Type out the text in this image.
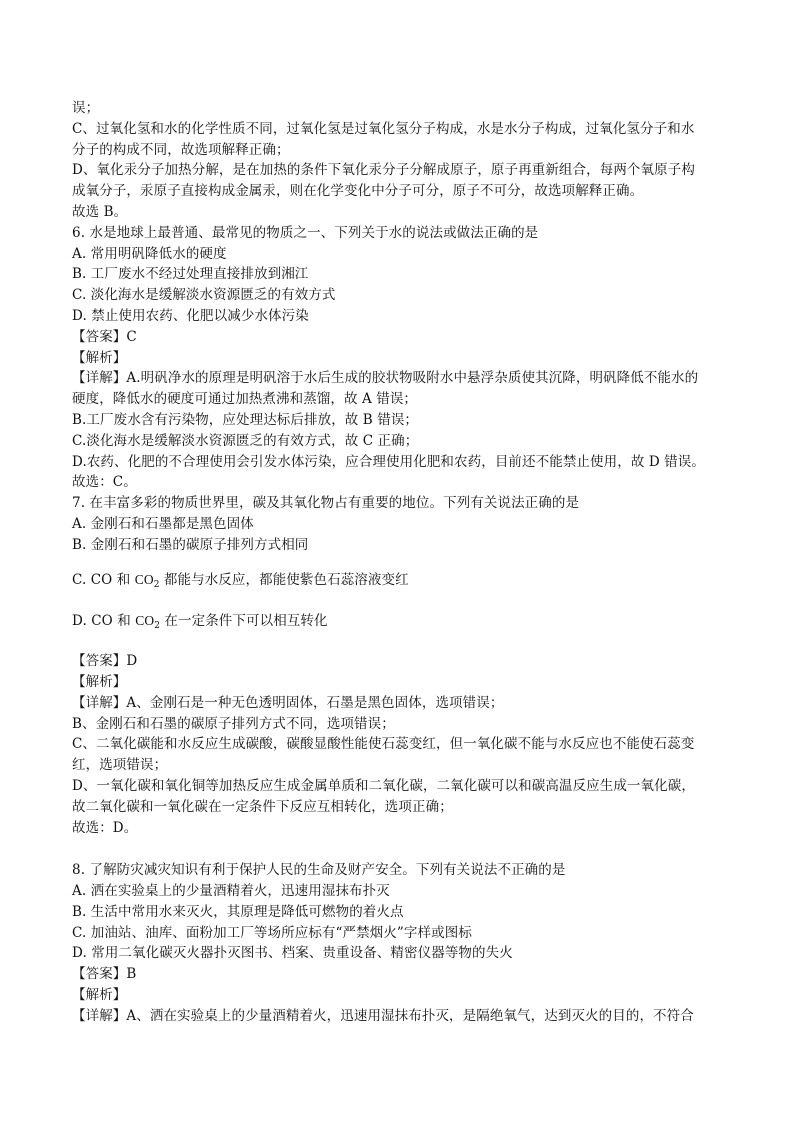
误；
C、过氧化氢和水的化学性质不同，过氧化氢是过氧化氢分子构成，水是水分子构成，过氧化氢分子和水
分子的构成不同，故选项解释正确；
D、氧化汞分子加热分解，是在加热的条件下氧化汞分子分解成原子，原子再重新组合，每两个氧原子构
成氧分子，汞原子直接构成金属汞，则在化学变化中分子可分，原子不可分，故选项解释正确。
故选 B。
6. 水是地球上最普通、最常见的物质之一、下列关于水的说法或做法正确的是
A. 常用明矾降低水的硬度
B. 工厂废水不经过处理直接排放到湘江
C. 淡化海水是缓解淡水资源匮乏的有效方式
D. 禁止使用农药、化肥以减少水体污染
【答案】C
【解析】
【详解】A.明矾净水的原理是明矾溶于水后生成的胶状物吸附水中悬浮杂质使其沉降，明矾降低不能水的
硬度，降低水的硬度可通过加热煮沸和蒸馏，故 A 错误；
B.工厂废水含有污染物，应处理达标后排放，故 B 错误；
C.淡化海水是缓解淡水资源匮乏的有效方式，故 C 正确；
D.农药、化肥的不合理使用会引发水体污染，应合理使用化肥和农药，目前还不能禁止使用，故 D 错误。
故选：C。
7. 在丰富多彩的物质世界里，碳及其氧化物占有重要的地位。下列有关说法正确的是
A. 金刚石和石墨都是黑色固体
B. 金刚石和石墨的碳原子排列方式相同
C. CO 和 $CO_2$ 都能与水反应，都能使紫色石蕊溶液变红
D. CO 和 $CO_2$ 在一定条件下可以相互转化
【答案】D
【解析】
【详解】A、金刚石是一种无色透明固体，石墨是黑色固体，选项错误；
B、金刚石和石墨的碳原子排列方式不同，选项错误；
C、二氧化碳能和水反应生成碳酸，碳酸显酸性能使石蕊变红，但一氧化碳不能与水反应也不能使石蕊变
红，选项错误；
D、一氧化碳和氧化铜等加热反应生成金属单质和二氧化碳，二氧化碳可以和碳高温反应生成一氧化碳，
故二氧化碳和一氧化碳在一定条件下反应互相转化，选项正确；
故选：D。
8. 了解防灾减灾知识有利于保护人民的生命及财产安全。下列有关说法不正确的是
A. 洒在实验桌上的少量酒精着火，迅速用湿抹布扑灭
B. 生活中常用水来灭火，其原理是降低可燃物的着火点
C. 加油站、油库、面粉加工厂等场所应标有“严禁烟火”字样或图标
D. 常用二氧化碳灭火器扑灭图书、档案、贵重设备、精密仪器等物的失火
【答案】B
【解析】
【详解】A、洒在实验桌上的少量酒精着火，迅速用湿抹布扑灭，是隔绝氧气，达到灭火的目的，不符合
